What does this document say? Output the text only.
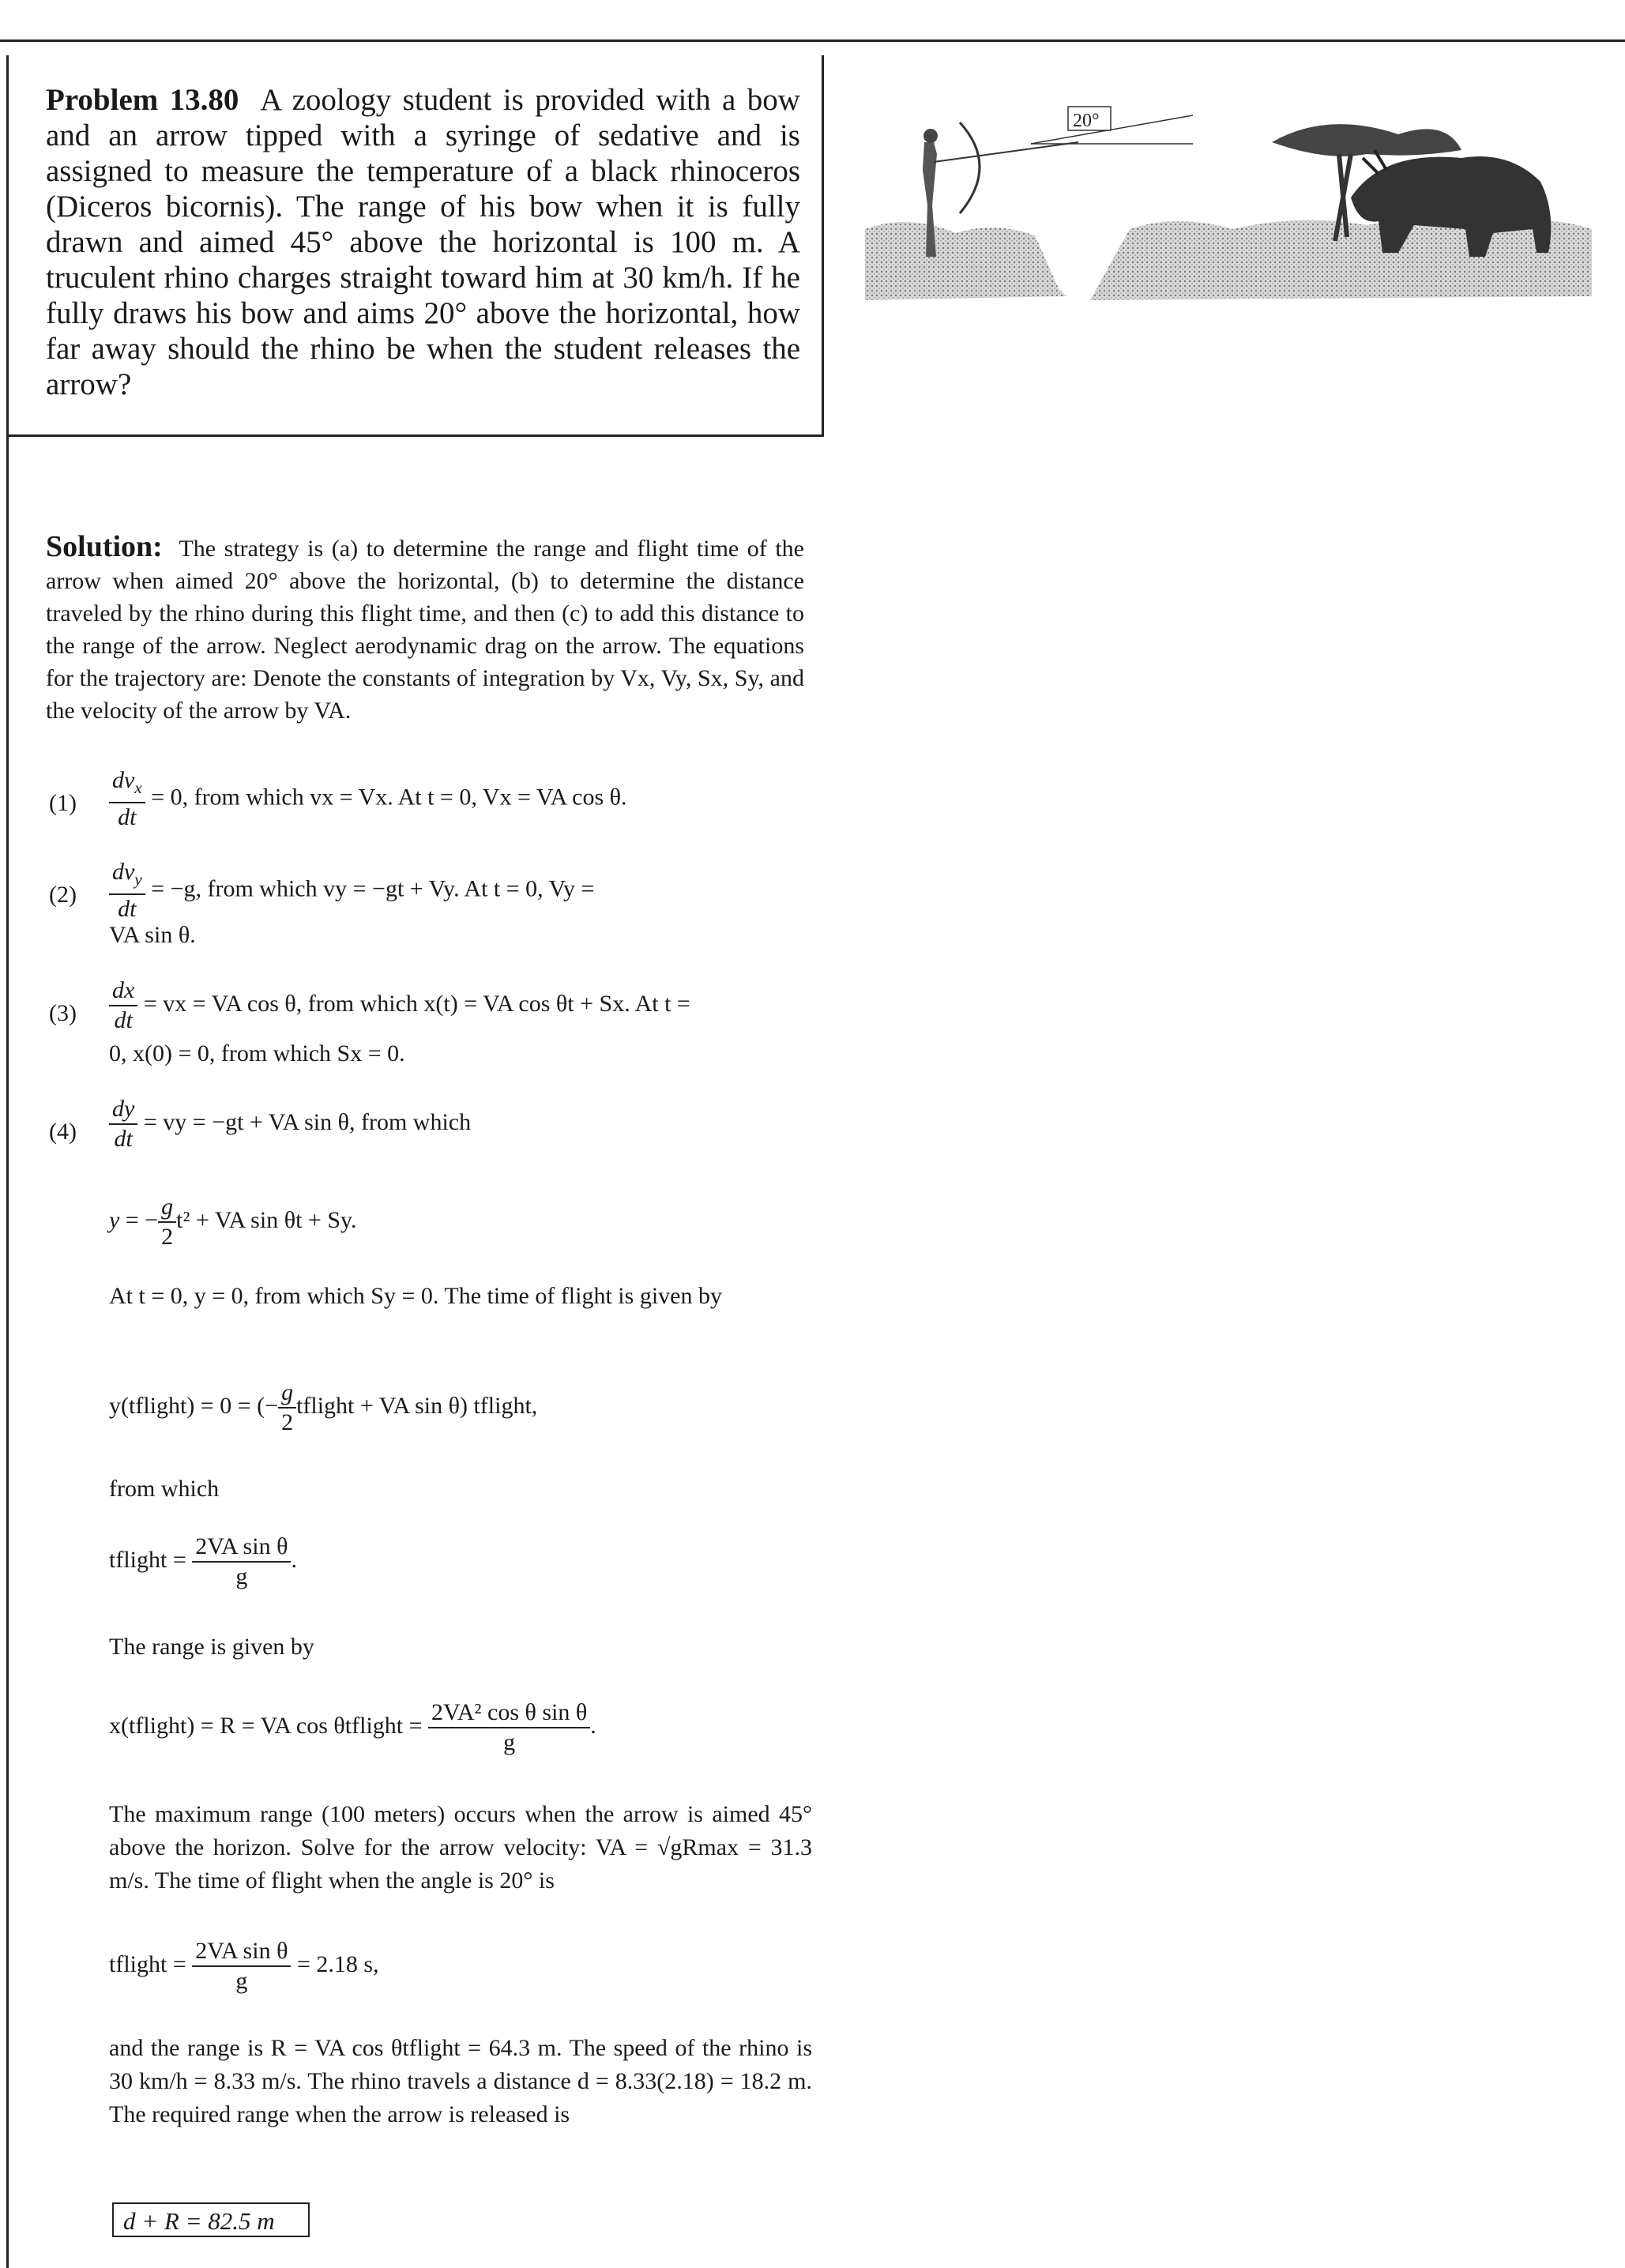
Problem 13.80 A zoology student is provided with a bow and an arrow tipped with a syringe of sedative and is assigned to measure the temperature of a black rhinoceros (Diceros bicornis). The range of his bow when it is fully drawn and aimed 45° above the horizontal is 100 m. A truculent rhino charges straight toward him at 30 km/h. If he fully draws his bow and aims 20° above the horizontal, how far away should the rhino be when the student releases the arrow?
20°
Solution: The strategy is (a) to determine the range and flight time of the arrow when aimed 20° above the horizontal, (b) to determine the distance traveled by the rhino during this flight time, and then (c) to add this distance to the range of the arrow. Neglect aerodynamic drag on the arrow. The equations for the trajectory are: Denote the constants of integration by Vx, Vy, Sx, Sy, and the velocity of the arrow by VA.
$(1) \frac{dv_x}{dt} = 0$, from which vx = Vx. At t = 0, Vx = VA cos θ.
$(2) \frac{dv_y}{dt} = -g$, from which vy = −gt + Vy. At t = 0, Vy =
VA sin θ.
$(3) \frac{dx}{dt}$ = vx = VA cos θ, from which x(t) = VA cos θt + Sx. At t =
0, x(0) = 0, from which Sx = 0.
$(4) \frac{dy}{dt}$ = vy = −gt + VA sin θ, from which
y = − $\frac{g}{2} t^2$ + VA sin θt + Sy.
At t = 0, y = 0, from which Sy = 0. The time of flight is given by
y(tflight) = 0 = (− $\frac{g}{2}$ tflight + VA sin θ) tflight,
from which
tflight = $\frac{\text{2VA sin θ}}{g}$ .
The range is given by
x(tflight) = R = VA cos θtflight = $\frac{\text{2VA² cos θ sin θ}}{g}$ .
The maximum range (100 meters) occurs when the arrow is aimed 45° above the horizon. Solve for the arrow velocity: VA = √gRmax = 31.3 m/s. The time of flight when the angle is 20° is
tflight = $\frac{\text{2VA sin θ}}{g} = 2.18$ s,
and the range is R = VA cos θtflight = 64.3 m. The speed of the rhino is 30 km/h = 8.33 m/s. The rhino travels a distance d = 8.33(2.18) = 18.2 m. The required range when the arrow is released is
d + R = 82.5 m
